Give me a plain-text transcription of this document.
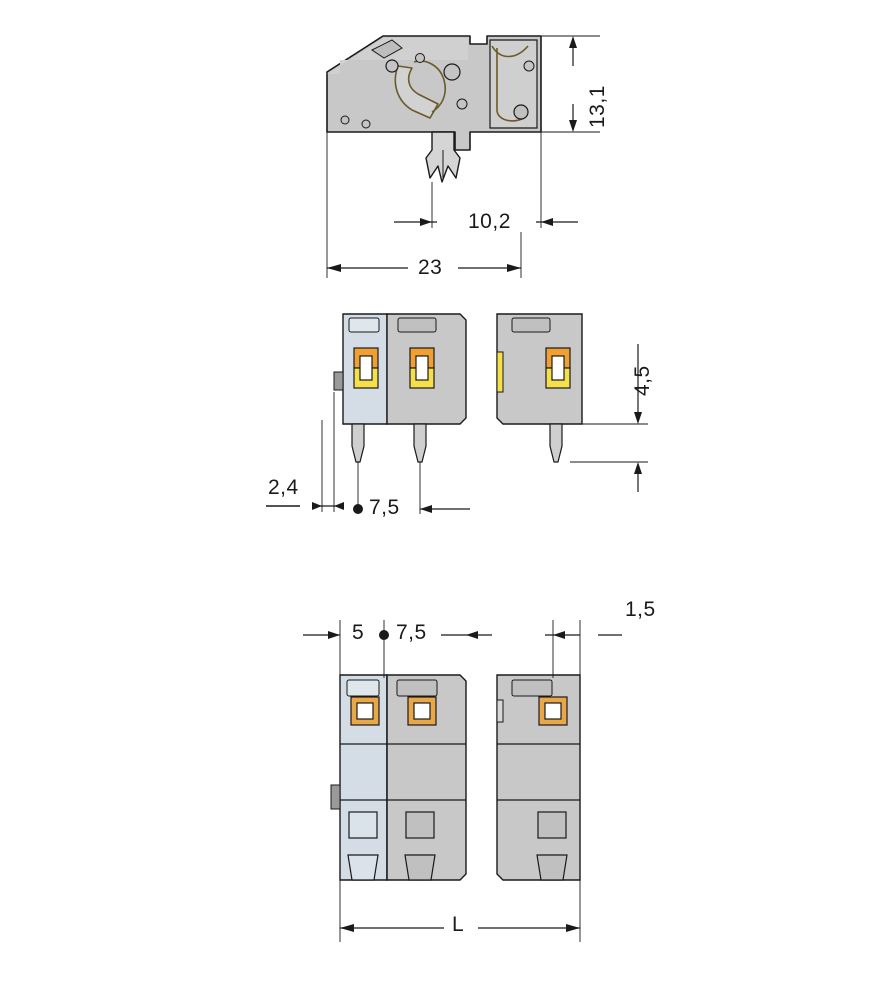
13,1
10,2
23
4,5
2,4
7,5
5 7,5
1,5
L
